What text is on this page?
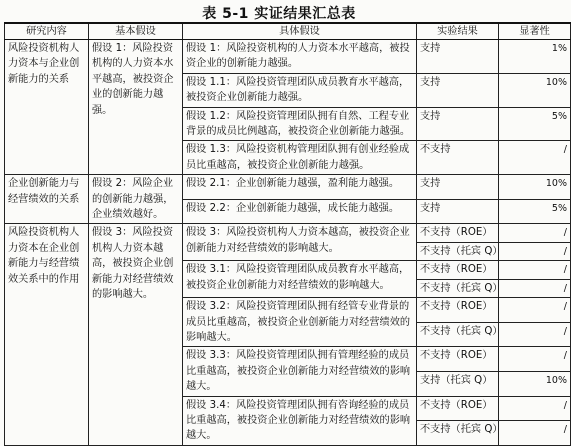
表 5-1 实证结果汇总表
研究内容	基本假设	具体假设	实验结果	显著性
风险投资机构人力资本与企业创新能力的关系	假设 1：风险投资机构的人力资本水平越高，被投资企业的创新能力越强。	假设 1：风险投资机构的人力资本水平越高，被投资企业的创新能力越强。	支持	1%
		假设 1.1：风险投资管理团队成员教育水平越高，被投资企业创新能力越强。	支持	10%
		假设 1.2：风险投资管理团队拥有自然、工程专业背景的成员比例越高，被投资企业创新能力越强。	支持	5%
		假设 1.3：风险投资机构管理团队拥有创业经验成员比重越高，被投资企业创新能力越强。	不支持	/
企业创新能力与经营绩效的关系	假设 2：风险企业的创新能力越强，企业绩效越好。	假设 2.1：企业创新能力越强，盈利能力越强。	支持	10%
		假设 2.2：企业创新能力越强，成长能力越强。	支持	5%
风险投资机构人力资本在企业创新能力与经营绩效关系中的作用	假设 3：风险投资机构人力资本越高，被投资企业创新能力对经营绩效的影响越大。	假设 3：风险投资机构人力资本越高，被投资企业创新能力对经营绩效的影响越大。	不支持（ROE）	/
			不支持（托宾 Q）	/
		假设 3.1：风险投资管理团队成员教育水平越高，被投资企业创新能力对经营绩效的影响越大。	不支持（ROE）	/
			不支持（托宾 Q）	/
		假设 3.2：风险投资管理团队拥有经管专业背景的成员比重越高，被投资企业创新能力对经营绩效的影响越大。	不支持（ROE）	/
			不支持（托宾 Q）	/
		假设 3.3：风险投资管理团队拥有管理经验的成员比重越高，被投资企业创新能力对经营绩效的影响越大。	不支持（ROE）	/
			支持（托宾 Q）	10%
		假设 3.4：风险投资管理团队拥有咨询经验的成员比重越高，被投资企业创新能力对经营绩效的影响越大。	不支持（ROE）	/
			不支持（托宾 Q）	/
